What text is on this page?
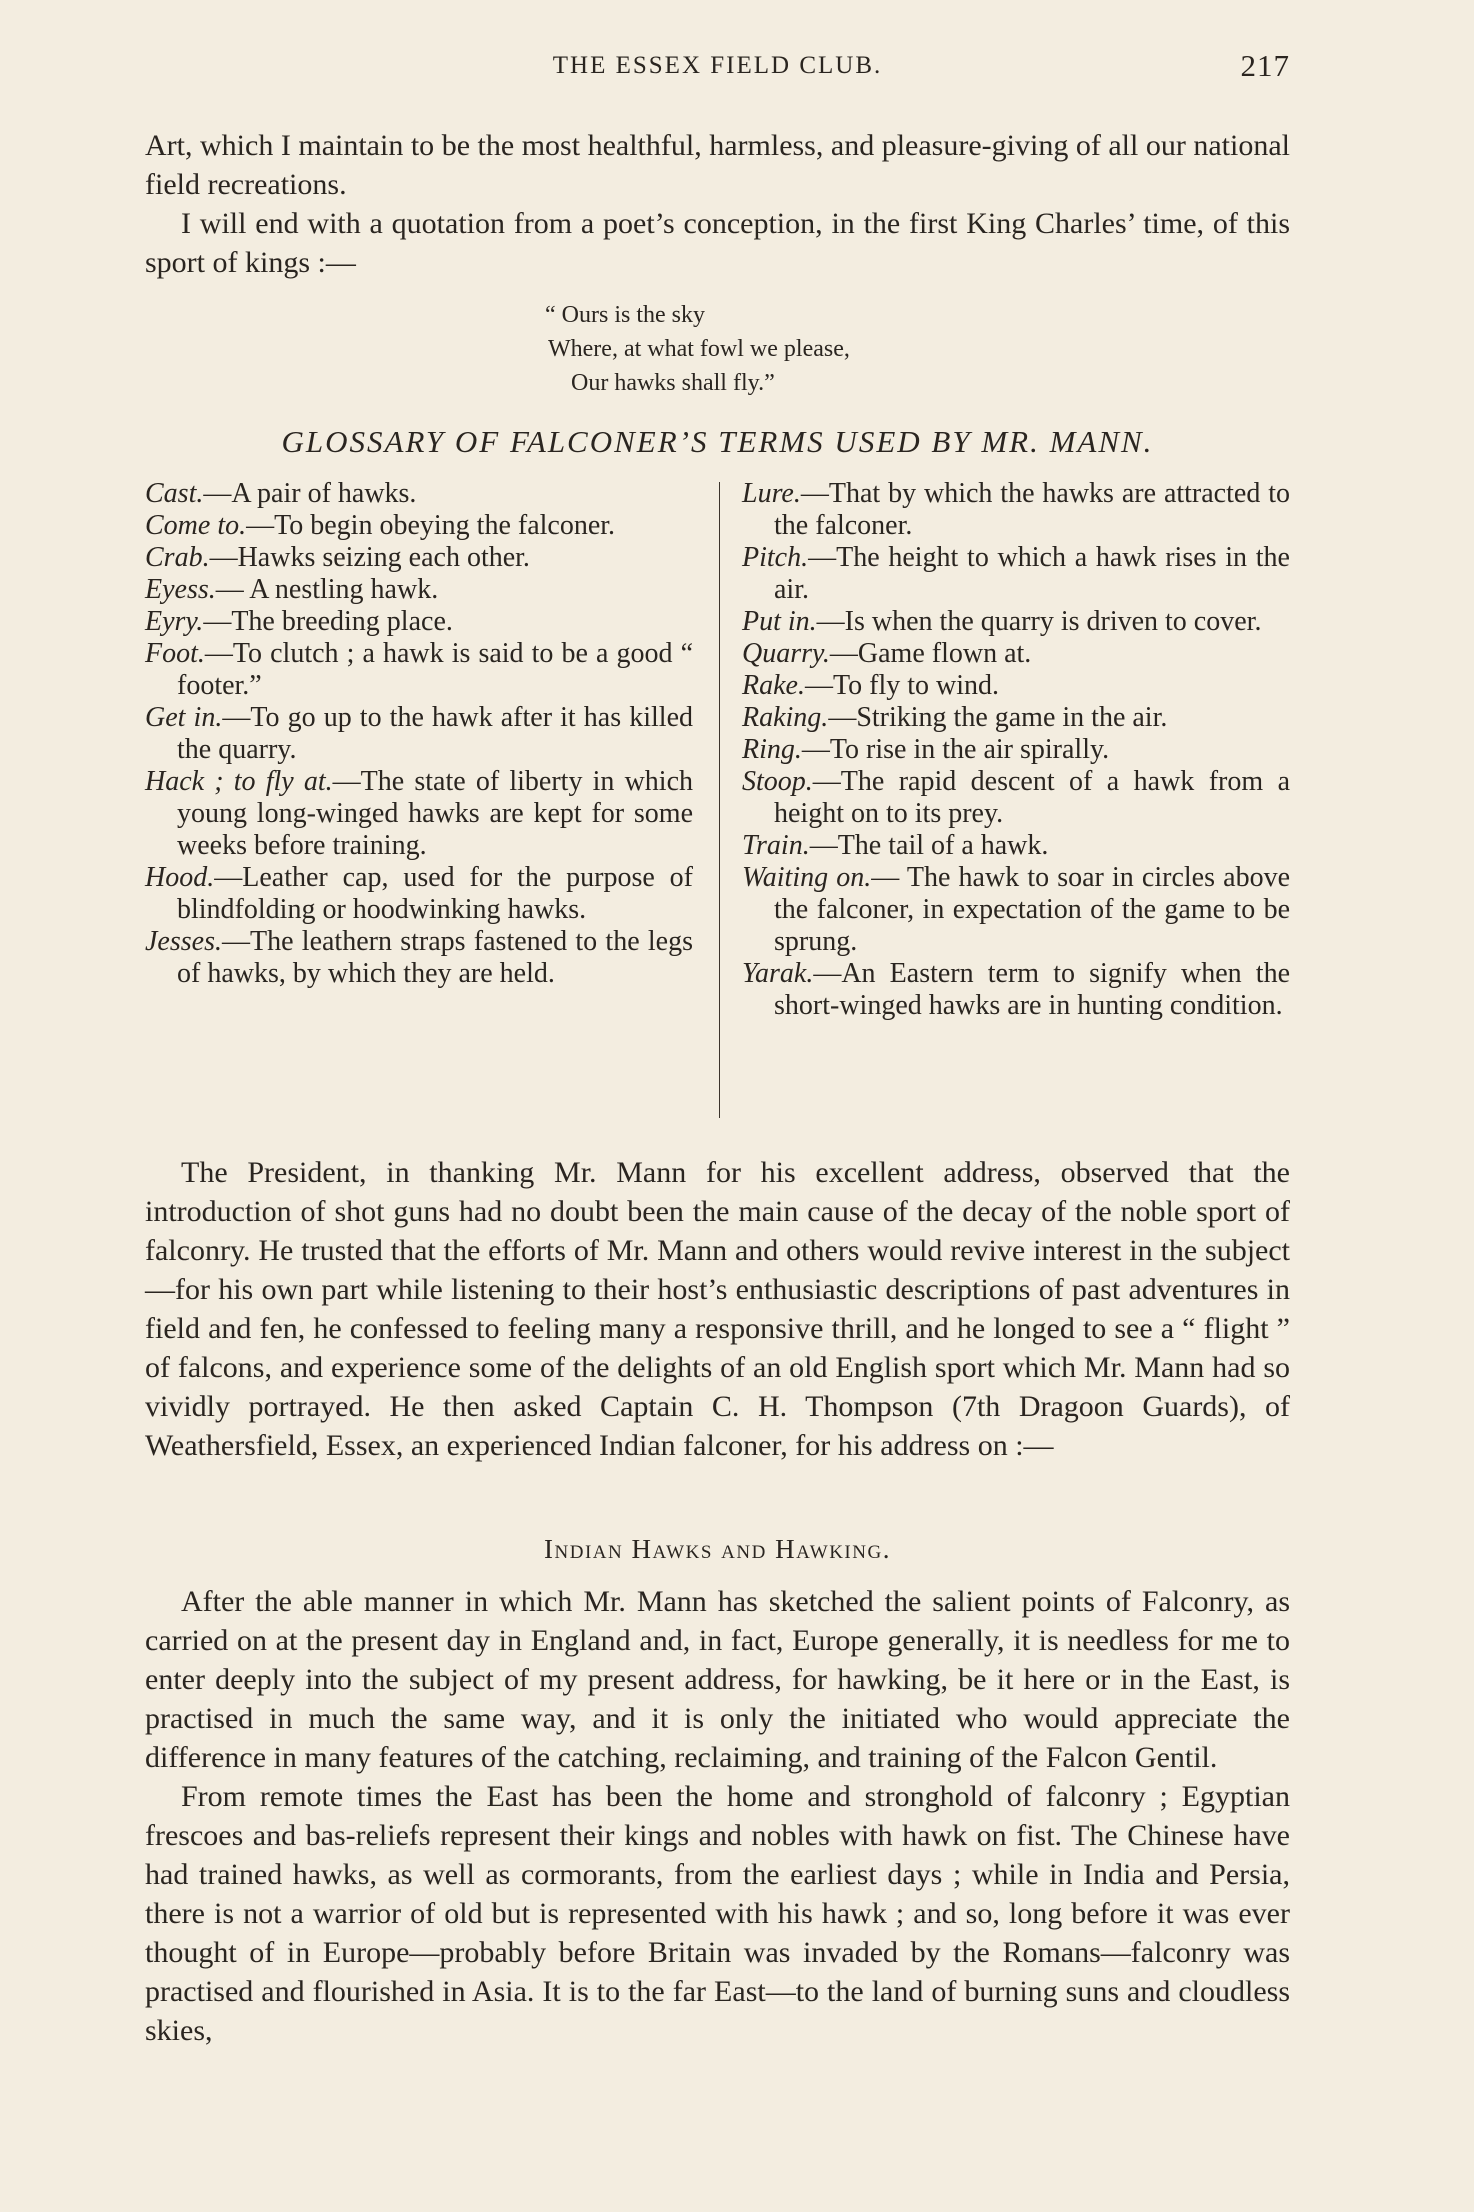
THE ESSEX FIELD CLUB.	217

Art, which I maintain to be the most healthful, harmless, and pleasure-giving of all our national field recreations.

I will end with a quotation from a poet’s conception, in the first King Charles’ time, of this sport of kings :—

“ Ours is the sky
Where, at what fowl we please,
Our hawks shall fly.”
GLOSSARY OF FALCONER’S TERMS USED BY MR. MANN.

Cast.—A pair of hawks.

Come to.—To begin obeying the falconer.

Crab.—Hawks seizing each other.

Eyess.— A nestling hawk.

Eyry.—The breeding place.

Foot.—To clutch ; a hawk is said to be a good “ footer.”

Get in.—To go up to the hawk after it has killed the quarry.

Hack ; to fly at.—The state of liberty in which young long-winged hawks are kept for some weeks before training.

Hood.—Leather cap, used for the purpose of blindfolding or hoodwinking hawks.

Jesses.—The leathern straps fastened to the legs of hawks, by which they are held.

Lure.—That by which the hawks are attracted to the falconer.

Pitch.—The height to which a hawk rises in the air.

Put in.—Is when the quarry is driven to cover.

Quarry.—Game flown at.

Rake.—To fly to wind.

Raking.—Striking the game in the air.

Ring.—To rise in the air spirally.

Stoop.—The rapid descent of a hawk from a height on to its prey.

Train.—The tail of a hawk.

Waiting on.— The hawk to soar in circles above the falconer, in expectation of the game to be sprung.

Yarak.—An Eastern term to signify when the short-winged hawks are in hunting condition.

The President, in thanking Mr. Mann for his excellent address, observed that the introduction of shot guns had no doubt been the main cause of the decay of the noble sport of falconry. He trusted that the efforts of Mr. Mann and others would revive interest in the subject—for his own part while listening to their host’s enthusiastic descriptions of past adventures in field and fen, he confessed to feeling many a responsive thrill, and he longed to see a “ flight ” of falcons, and experience some of the delights of an old English sport which Mr. Mann had so vividly portrayed. He then asked Captain C. H. Thompson (7th Dragoon Guards), of Weathersfield, Essex, an experienced Indian falconer, for his address on :—

Indian Hawks and Hawking.

After the able manner in which Mr. Mann has sketched the salient points of Falconry, as carried on at the present day in England and, in fact, Europe generally, it is needless for me to enter deeply into the subject of my present address, for hawking, be it here or in the East, is practised in much the same way, and it is only the initiated who would appreciate the difference in many features of the catching, reclaiming, and training of the Falcon Gentil.

From remote times the East has been the home and stronghold of falconry ; Egyptian frescoes and bas-reliefs represent their kings and nobles with hawk on fist. The Chinese have had trained hawks, as well as cormorants, from the earliest days ; while in India and Persia, there is not a warrior of old but is represented with his hawk ; and so, long before it was ever thought of in Europe—probably before Britain was invaded by the Romans—falconry was practised and flourished in Asia. It is to the far East—to the land of burning suns and cloudless skies,
